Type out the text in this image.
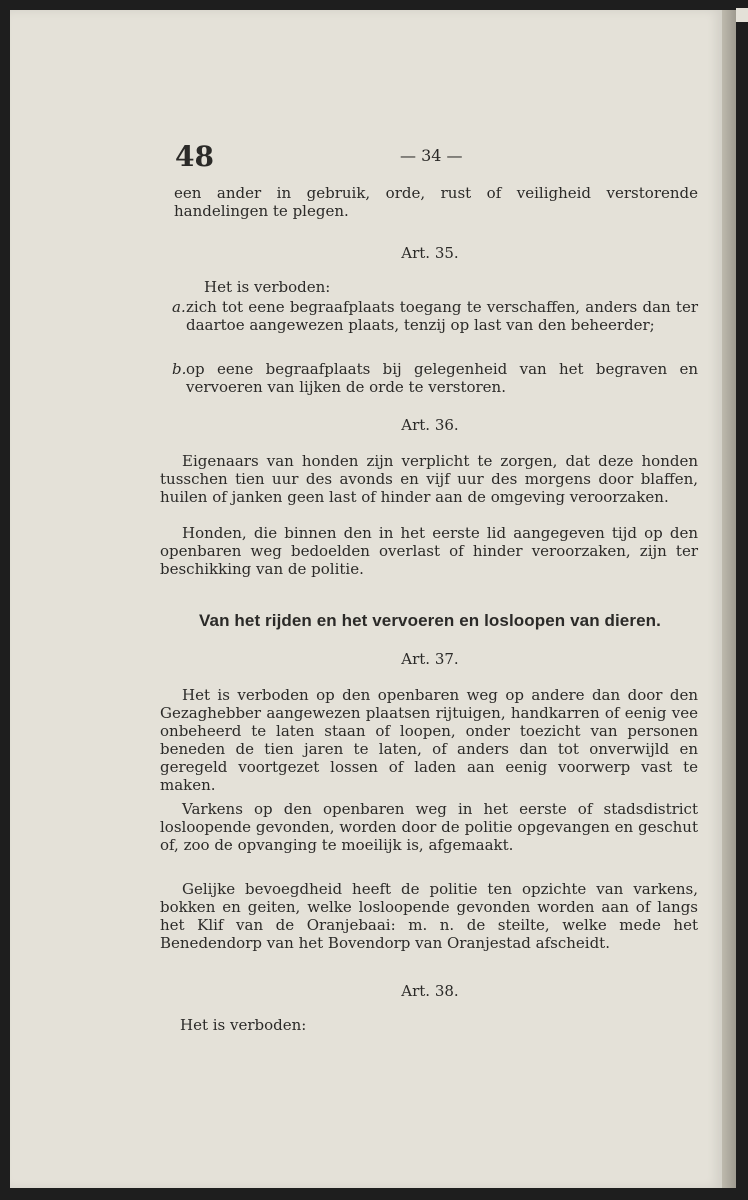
48	— 34 —

een ander in gebruik, orde, rust of veiligheid verstorende handelingen te plegen.

Art. 35.

Het is verboden:

a. zich tot eene begraafplaats toegang te verschaffen, anders dan ter daartoe aangewezen plaats, tenzij op last van den beheerder;
b. op eene begraafplaats bij gelegenheid van het begraven en vervoeren van lijken de orde te verstoren.

Art. 36.

Eigenaars van honden zijn verplicht te zorgen, dat deze honden tusschen tien uur des avonds en vijf uur des morgens door blaffen, huilen of janken geen last of hinder aan de omgeving veroorzaken.

Honden, die binnen den in het eerste lid aangegeven tijd op den openbaren weg bedoelden overlast of hinder veroorzaken, zijn ter beschikking van de politie.

Van het rijden en het vervoeren en losloopen van dieren.

Art. 37.

Het is verboden op den openbaren weg op andere dan door den Gezaghebber aangewezen plaatsen rijtuigen, handkarren of eenig vee onbeheerd te laten staan of loopen, onder toezicht van personen beneden de tien jaren te laten, of anders dan tot onverwijld en geregeld voortgezet lossen of laden aan eenig voorwerp vast te maken.

Varkens op den openbaren weg in het eerste of stadsdistrict losloopende gevonden, worden door de politie opgevangen en geschut of, zoo de opvanging te moeilijk is, afgemaakt.

Gelijke bevoegdheid heeft de politie ten opzichte van varkens, bokken en geiten, welke losloopende gevonden worden aan of langs het Klif van de Oranjebaai: m. n. de steilte, welke mede het Benedendorp van het Bovendorp van Oranjestad afscheidt.

Art. 38.

Het is verboden:
